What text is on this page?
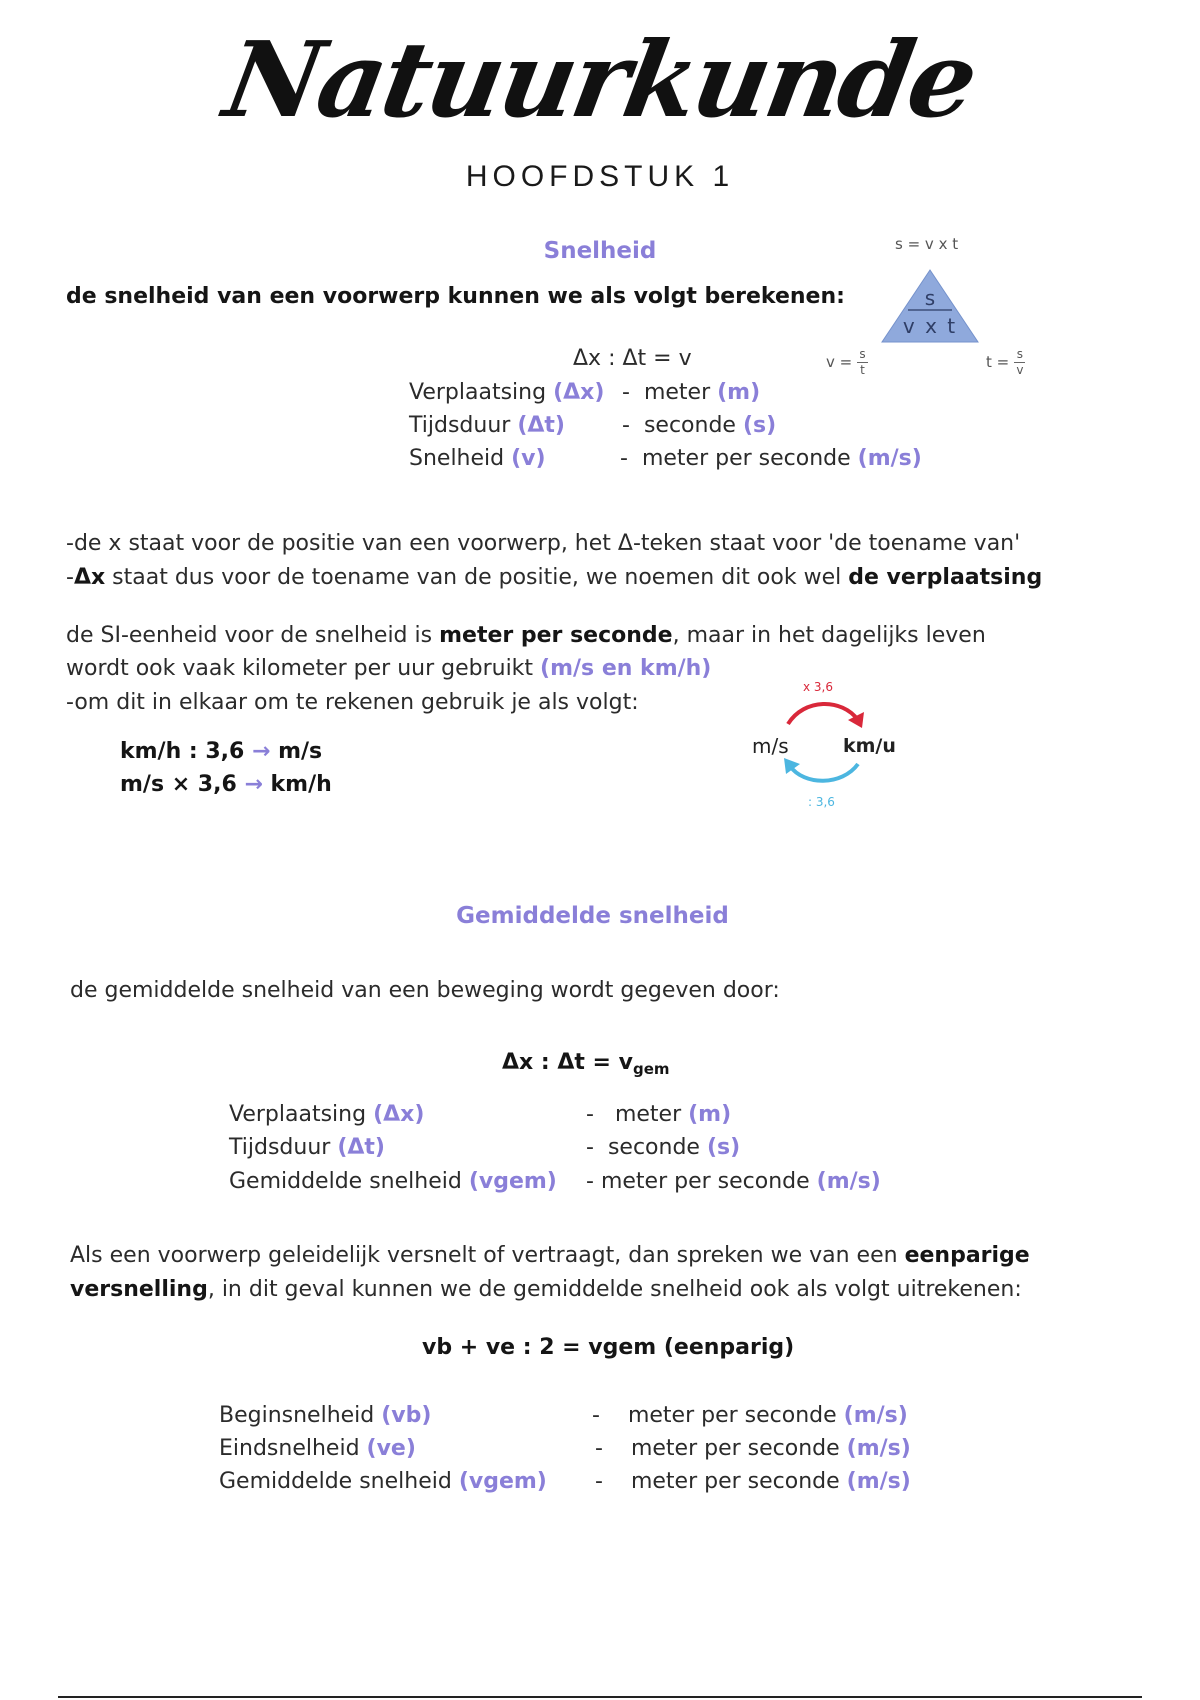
Natuurkunde
HOOFDSTUK 1
Snelheid
de snelheid van een voorwerp kunnen we als volgt berekenen:
s = v x t
s
v x t
$v = \frac{s}{t}$	$t = \frac{s}{v}$
Δx : Δt = v
Verplaatsing (Δx) - meter (m)
Tijdsduur (Δt)	- seconde (s)
Snelheid (v)	- meter per seconde (m/s)
-de x staat voor de positie van een voorwerp, het Δ-teken staat voor 'de toename van'
-Δx staat dus voor de toename van de positie, we noemen dit ook wel de verplaatsing
de SI-eenheid voor de snelheid is meter per seconde, maar in het dagelijks leven
wordt ook vaak kilometer per uur gebruikt (m/s en km/h)
-om dit in elkaar om te rekenen gebruik je als volgt:
km/h : 3,6 → m/s
m/s × 3,6 → km/h
x 3,6
m/s	km/u
: 3,6
Gemiddelde snelheid
de gemiddelde snelheid van een beweging wordt gegeven door:
Δx : $\Delta t = v_{gem}$
Verplaatsing (Δx)	- meter (m)
Tijdsduur (Δt)	- seconde (s)
Gemiddelde snelheid (vgem) - meter per seconde (m/s)
Als een voorwerp geleidelijk versnelt of vertraagt, dan spreken we van een eenparige
versnelling, in dit geval kunnen we de gemiddelde snelheid ook als volgt uitrekenen:
vb + ve : 2 = vgem (eenparig)
Beginsnelheid (vb)	- meter per seconde (m/s)
Eindsnelheid (ve)	- meter per seconde (m/s)
Gemiddelde snelheid (vgem) - meter per seconde (m/s)
